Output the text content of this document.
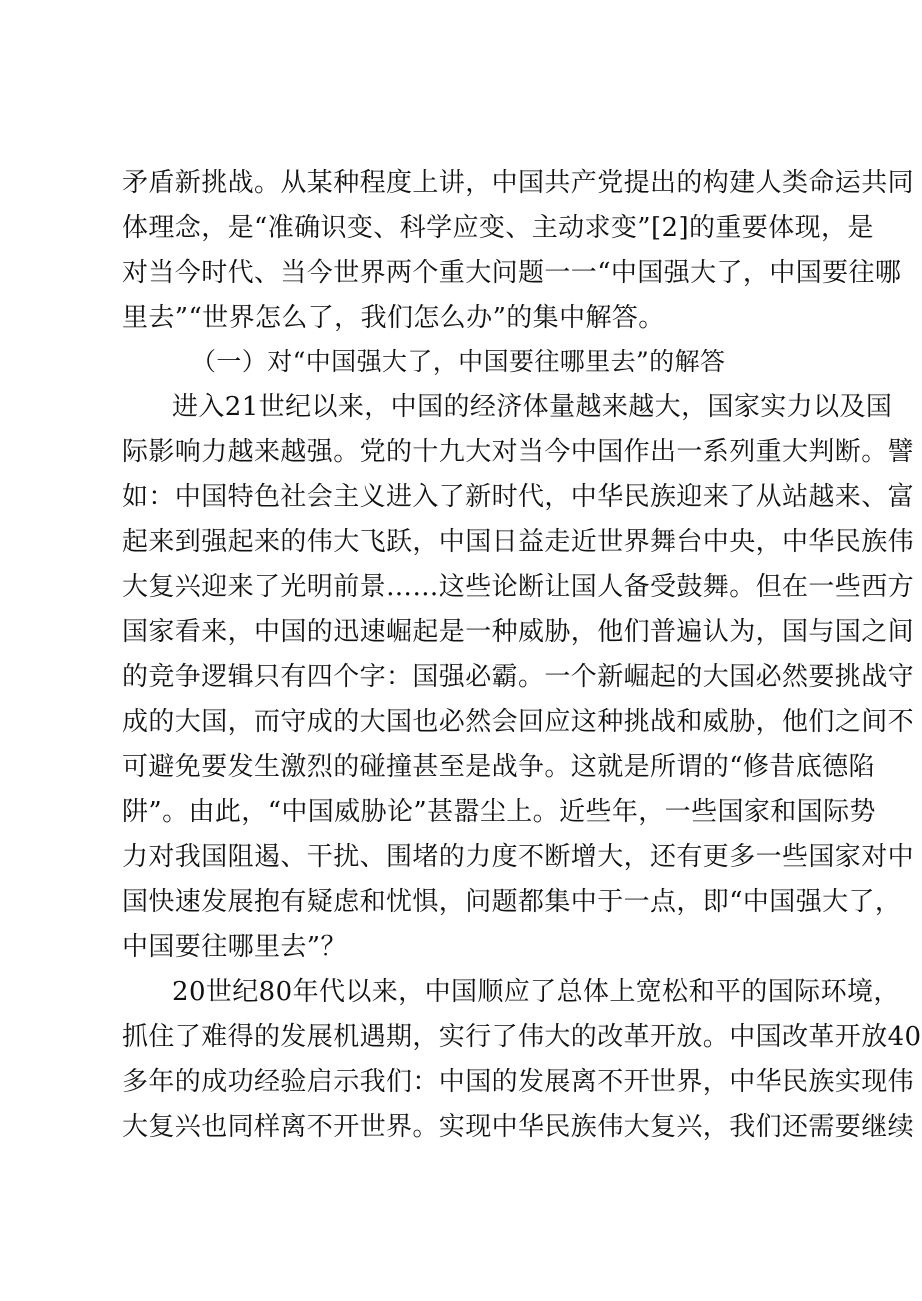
矛盾新挑战。从某种程度上讲，中国共产党提出的构建人类命运共同
体理念，是“准确识变、科学应变、主动求变”[2]的重要体现，是
对当今时代、当今世界两个重大问题一一“中国强大了，中国要往哪
里去”“世界怎么了，我们怎么办”的集中解答。
（一）对“中国强大了，中国要往哪里去”的解答
进入21世纪以来，中国的经济体量越来越大，国家实力以及国
际影响力越来越强。党的十九大对当今中国作出一系列重大判断。譬
如：中国特色社会主义进入了新时代，中华民族迎来了从站越来、富
起来到强起来的伟大飞跃，中国日益走近世界舞台中央，中华民族伟
大复兴迎来了光明前景……这些论断让国人备受鼓舞。但在一些西方
国家看来，中国的迅速崛起是一种威胁，他们普遍认为，国与国之间
的竞争逻辑只有四个字：国强必霸。一个新崛起的大国必然要挑战守
成的大国，而守成的大国也必然会回应这种挑战和威胁，他们之间不
可避免要发生激烈的碰撞甚至是战争。这就是所谓的“修昔底德陷
阱”。由此，“中国威胁论”甚嚣尘上。近些年，一些国家和国际势
力对我国阻遏、干扰、围堵的力度不断增大，还有更多一些国家对中
国快速发展抱有疑虑和忧惧，问题都集中于一点，即“中国强大了，
中国要往哪里去”？
20世纪80年代以来，中国顺应了总体上宽松和平的国际环境，
抓住了难得的发展机遇期，实行了伟大的改革开放。中国改革开放40
多年的成功经验启示我们：中国的发展离不开世界，中华民族实现伟
大复兴也同样离不开世界。实现中华民族伟大复兴，我们还需要继续
